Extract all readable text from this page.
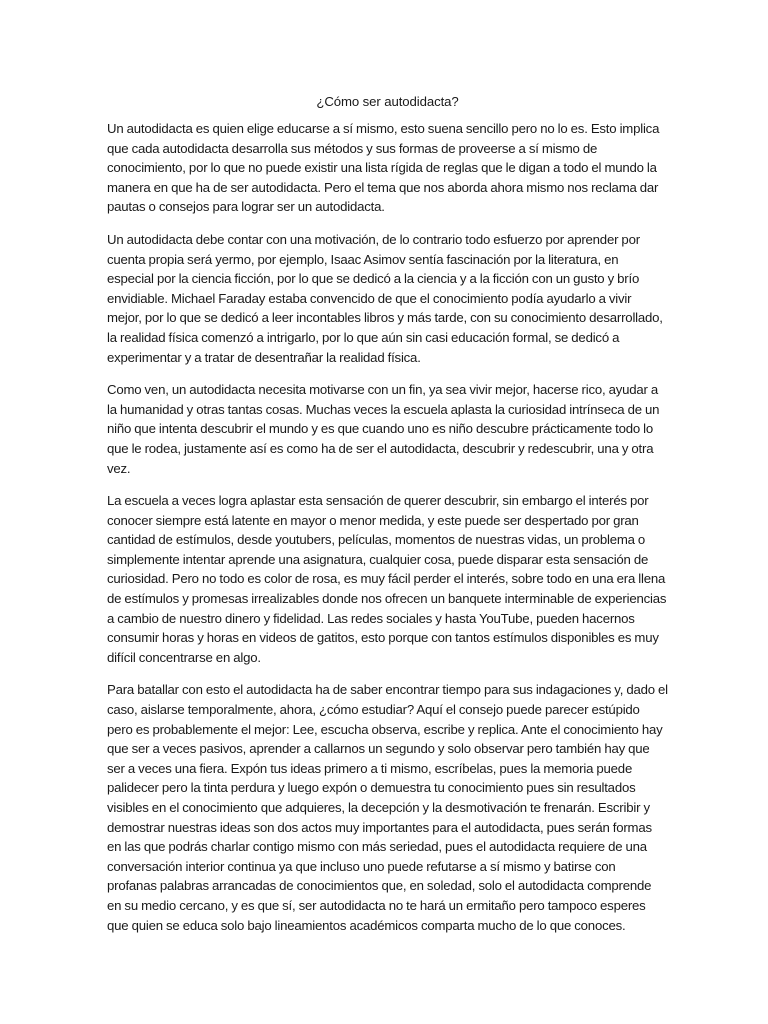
¿Cómo ser autodidacta?

Un autodidacta es quien elige educarse a sí mismo, esto suena sencillo pero no lo es. Esto implica que cada autodidacta desarrolla sus métodos y sus formas de proveerse a sí mismo de conocimiento, por lo que no puede existir una lista rígida de reglas que le digan a todo el mundo la manera en que ha de ser autodidacta. Pero el tema que nos aborda ahora mismo nos reclama dar pautas o consejos para lograr ser un autodidacta.

Un autodidacta debe contar con una motivación, de lo contrario todo esfuerzo por aprender por cuenta propia será yermo, por ejemplo, Isaac Asimov sentía fascinación por la literatura, en especial por la ciencia ficción, por lo que se dedicó a la ciencia y a la ficción con un gusto y brío envidiable. Michael Faraday estaba convencido de que el conocimiento podía ayudarlo a vivir mejor, por lo que se dedicó a leer incontables libros y más tarde, con su conocimiento desarrollado, la realidad física comenzó a intrigarlo, por lo que aún sin casi educación formal, se dedicó a experimentar y a tratar de desentrañar la realidad física.

Como ven, un autodidacta necesita motivarse con un fin, ya sea vivir mejor, hacerse rico, ayudar a la humanidad y otras tantas cosas. Muchas veces la escuela aplasta la curiosidad intrínseca de un niño que intenta descubrir el mundo y es que cuando uno es niño descubre prácticamente todo lo que le rodea, justamente así es como ha de ser el autodidacta, descubrir y redescubrir, una y otra vez.

La escuela a veces logra aplastar esta sensación de querer descubrir, sin embargo el interés por conocer siempre está latente en mayor o menor medida, y este puede ser despertado por gran cantidad de estímulos, desde youtubers, películas, momentos de nuestras vidas, un problema o simplemente intentar aprende una asignatura, cualquier cosa, puede disparar esta sensación de curiosidad. Pero no todo es color de rosa, es muy fácil perder el interés, sobre todo en una era llena de estímulos y promesas irrealizables donde nos ofrecen un banquete interminable de experiencias a cambio de nuestro dinero y fidelidad. Las redes sociales y hasta YouTube, pueden hacernos consumir horas y horas en videos de gatitos, esto porque con tantos estímulos disponibles es muy difícil concentrarse en algo.

Para batallar con esto el autodidacta ha de saber encontrar tiempo para sus indagaciones y, dado el caso, aislarse temporalmente, ahora, ¿cómo estudiar? Aquí el consejo puede parecer estúpido pero es probablemente el mejor: Lee, escucha observa, escribe y replica. Ante el conocimiento hay que ser a veces pasivos, aprender a callarnos un segundo y solo observar pero también hay que ser a veces una fiera. Expón tus ideas primero a ti mismo, escríbelas, pues la memoria puede palidecer pero la tinta perdura y luego expón o demuestra tu conocimiento pues sin resultados visibles en el conocimiento que adquieres, la decepción y la desmotivación te frenarán. Escribir y demostrar nuestras ideas son dos actos muy importantes para el autodidacta, pues serán formas en las que podrás charlar contigo mismo con más seriedad, pues el autodidacta requiere de una conversación interior continua ya que incluso uno puede refutarse a sí mismo y batirse con profanas palabras arrancadas de conocimientos que, en soledad, solo el autodidacta comprende en su medio cercano, y es que sí, ser autodidacta no te hará un ermitaño pero tampoco esperes que quien se educa solo bajo lineamientos académicos comparta mucho de lo que conoces.
